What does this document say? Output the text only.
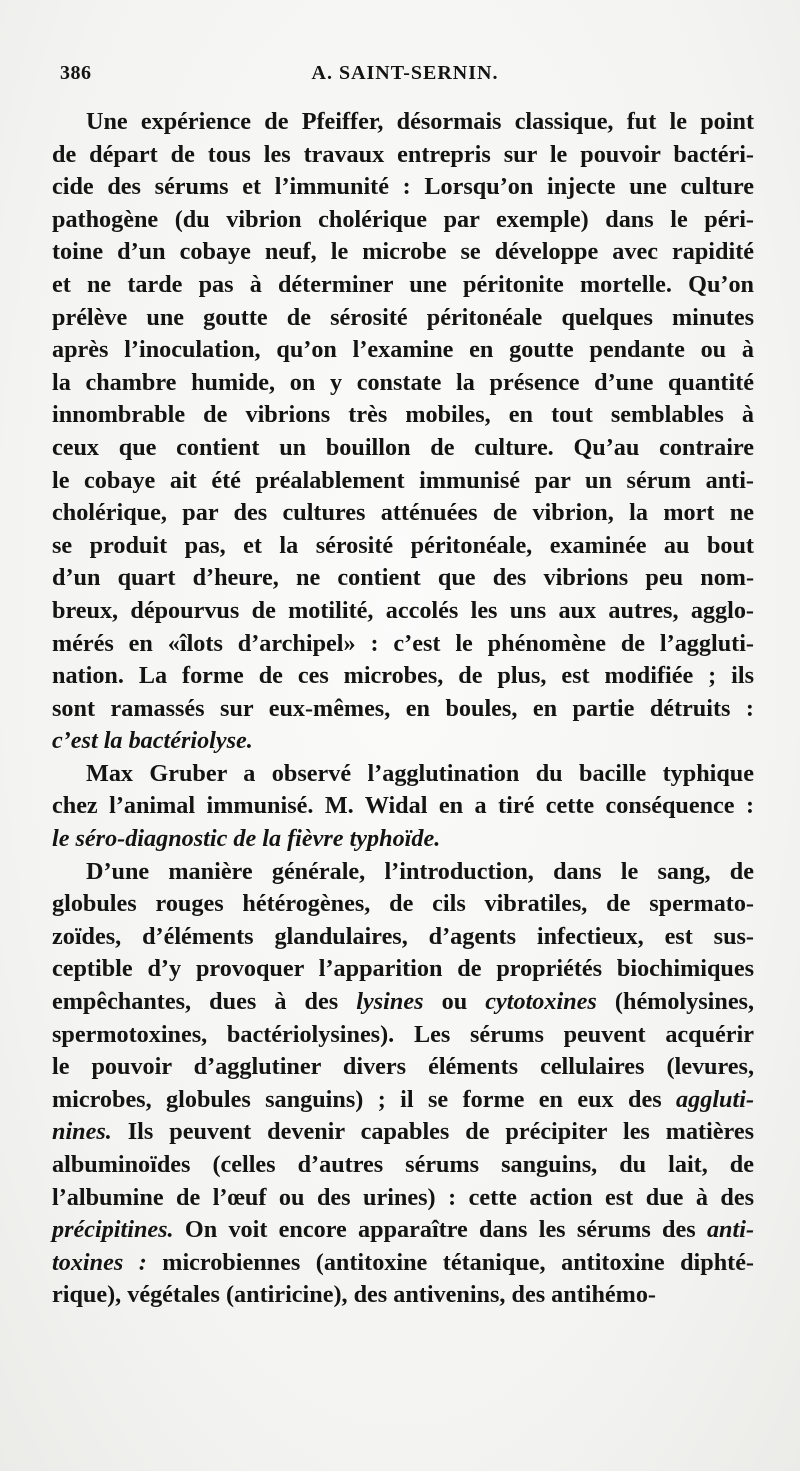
386	A. SAINT-SERNIN.

Une expérience de Pfeiffer, désormais classique, fut le point
de départ de tous les travaux entrepris sur le pouvoir bactéri-
cide des sérums et l’immunité : Lorsqu’on injecte une culture
pathogène (du vibrion cholérique par exemple) dans le péri-
toine d’un cobaye neuf, le microbe se développe avec rapidité
et ne tarde pas à déterminer une péritonite mortelle. Qu’on
prélève une goutte de sérosité péritonéale quelques minutes
après l’inoculation, qu’on l’examine en goutte pendante ou à
la chambre humide, on y constate la présence d’une quantité
innombrable de vibrions très mobiles, en tout semblables à
ceux que contient un bouillon de culture. Qu’au contraire
le cobaye ait été préalablement immunisé par un sérum anti-
cholérique, par des cultures atténuées de vibrion, la mort ne
se produit pas, et la sérosité péritonéale, examinée au bout
d’un quart d’heure, ne contient que des vibrions peu nom-
breux, dépourvus de motilité, accolés les uns aux autres, agglo-
mérés en «îlots d’archipel» : c’est le phénomène de l’aggluti-
nation. La forme de ces microbes, de plus, est modifiée ; ils
sont ramassés sur eux-mêmes, en boules, en partie détruits :
c’est la bactériolyse.

Max Gruber a observé l’agglutination du bacille typhique
chez l’animal immunisé. M. Widal en a tiré cette conséquence :
le séro-diagnostic de la fièvre typhoïde.

D’une manière générale, l’introduction, dans le sang, de
globules rouges hétérogènes, de cils vibratiles, de spermato-
zoïdes, d’éléments glandulaires, d’agents infectieux, est sus-
ceptible d’y provoquer l’apparition de propriétés biochimiques
empêchantes, dues à des lysines ou cytotoxines (hémolysines,
spermotoxines, bactériolysines). Les sérums peuvent acquérir
le pouvoir d’agglutiner divers éléments cellulaires (levures,
microbes, globules sanguins) ; il se forme en eux des aggluti-
nines. Ils peuvent devenir capables de précipiter les matières
albuminoïdes (celles d’autres sérums sanguins, du lait, de
l’albumine de l’œuf ou des urines) : cette action est due à des
précipitines. On voit encore apparaître dans les sérums des anti-
toxines : microbiennes (antitoxine tétanique, antitoxine diphté-
rique), végétales (antiricine), des antivenins, des antihémo-
